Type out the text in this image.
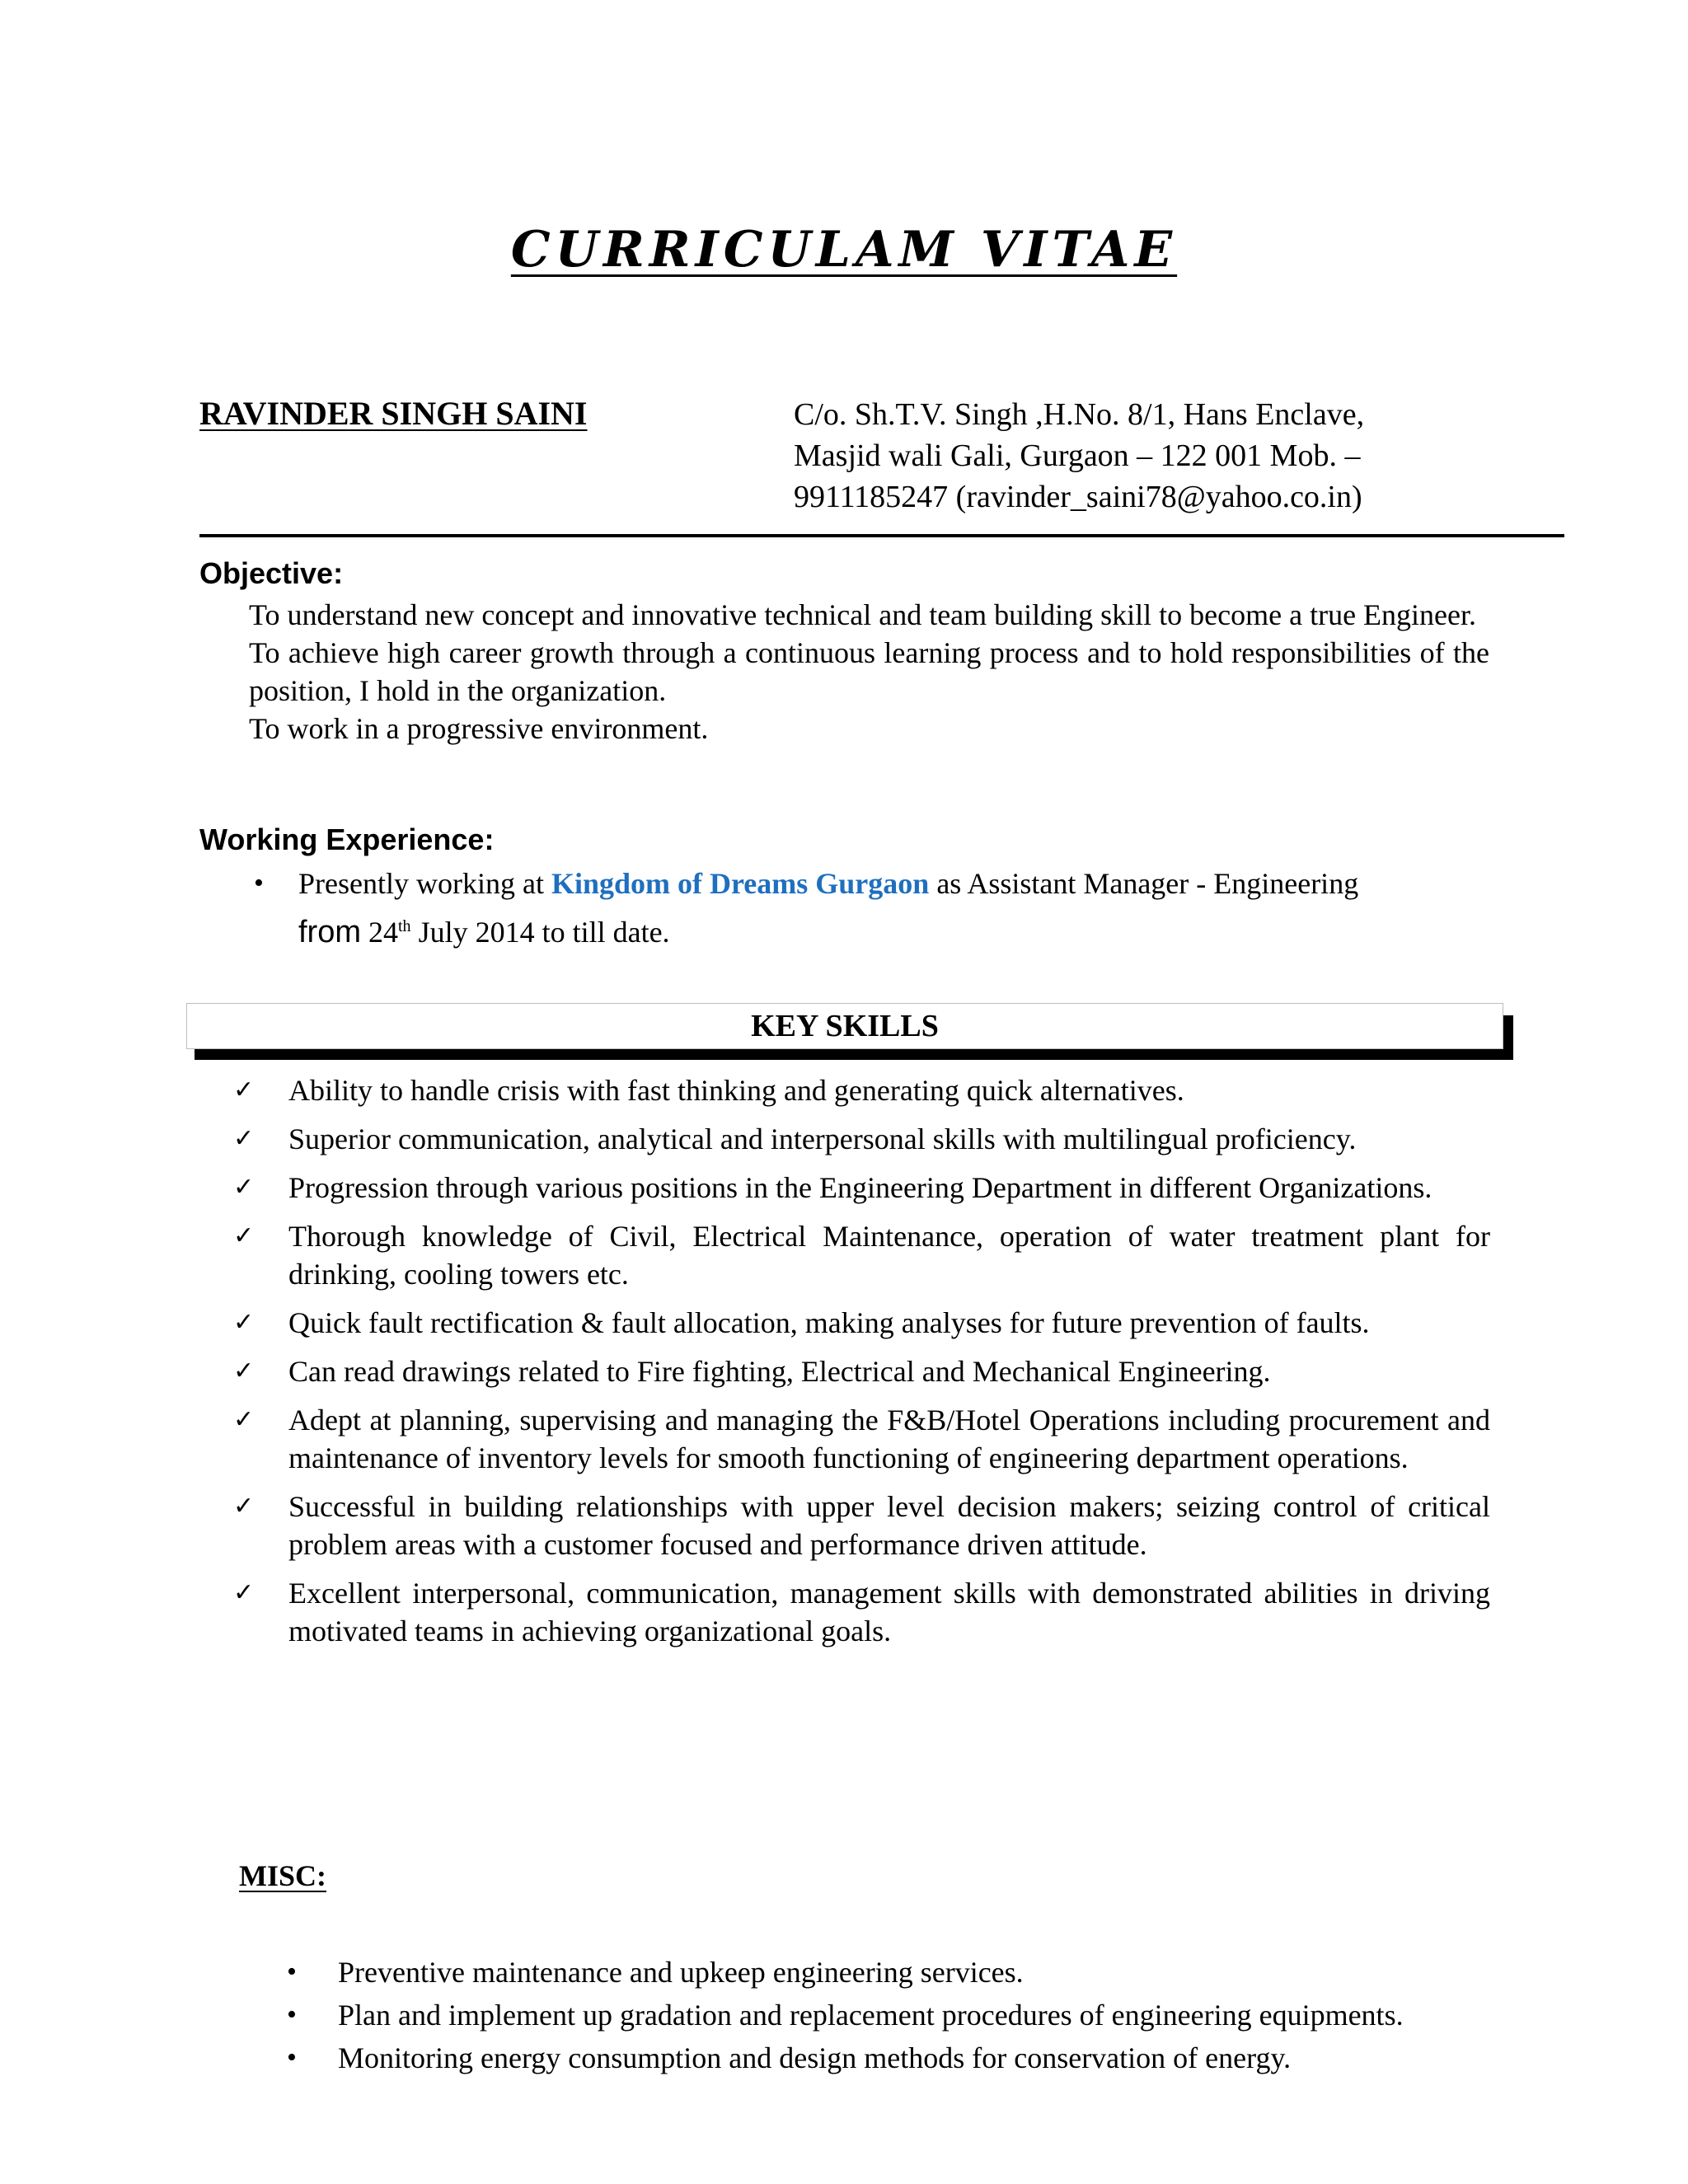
CURRICULAM VITAE
RAVINDER SINGH SAINI	C/o. Sh.T.V. Singh ,H.No. 8/1, Hans Enclave,
Masjid wali Gali, Gurgaon – 122 001 Mob. –
9911185247 (ravinder_saini78@yahoo.co.in)
Objective:

To understand new concept and innovative technical and team building skill to become a true Engineer.

To achieve high career growth through a continuous learning process and to hold responsibilities of the position, I hold in the organization.

To work in a progressive environment.

Working Experience:
• Presently working at Kingdom of Dreams Gurgaon as Assistant Manager - Engineering
from 24th July 2014 to till date.
KEY SKILLS
✓ Ability to handle crisis with fast thinking and generating quick alternatives.
✓ Superior communication, analytical and interpersonal skills with multilingual proficiency.
✓ Progression through various positions in the Engineering Department in different Organizations.
✓ Thorough knowledge of Civil, Electrical Maintenance, operation of water treatment plant for drinking, cooling towers etc.
✓ Quick fault rectification & fault allocation, making analyses for future prevention of faults.
✓ Can read drawings related to Fire fighting, Electrical and Mechanical Engineering.
✓ Adept at planning, supervising and managing the F&B/Hotel Operations including procurement and maintenance of inventory levels for smooth functioning of engineering department operations.
✓ Successful in building relationships with upper level decision makers; seizing control of critical problem areas with a customer focused and performance driven attitude.
✓ Excellent interpersonal, communication, management skills with demonstrated abilities in driving motivated teams in achieving organizational goals.
MISC:
• Preventive maintenance and upkeep engineering services.
• Plan and implement up gradation and replacement procedures of engineering equipments.
• Monitoring energy consumption and design methods for conservation of energy.
